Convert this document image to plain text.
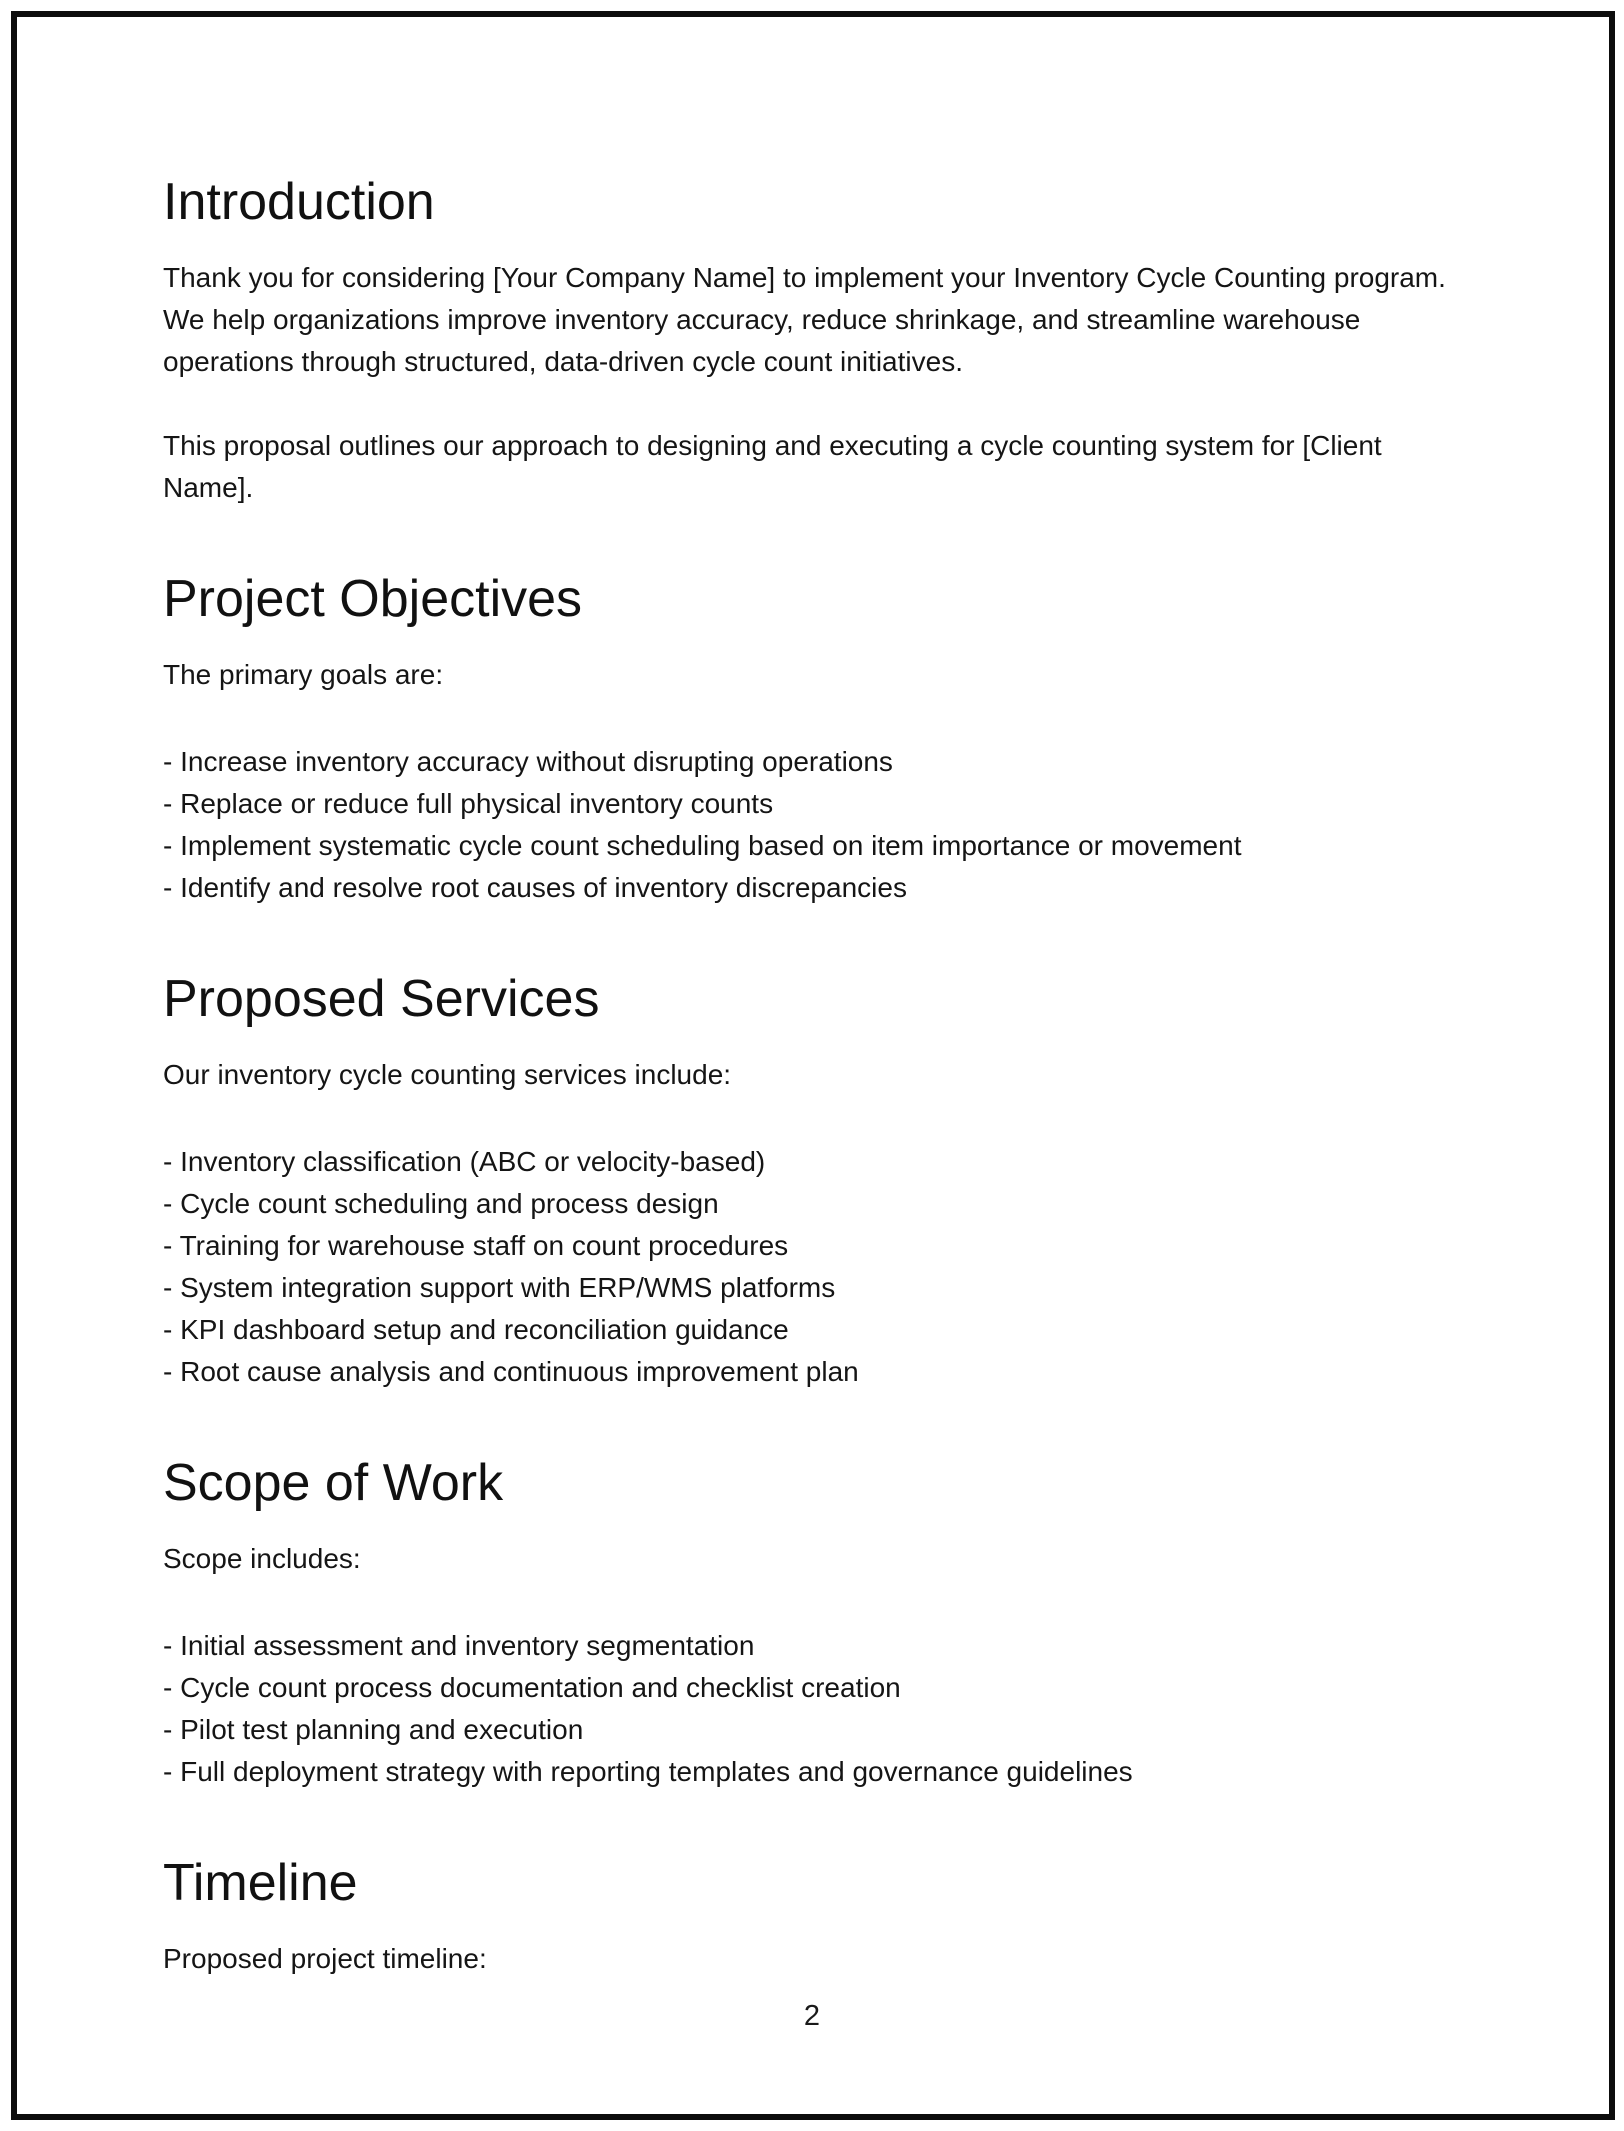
Introduction
Thank you for considering [Your Company Name] to implement your Inventory Cycle Counting program.
We help organizations improve inventory accuracy, reduce shrinkage, and streamline warehouse
operations through structured, data-driven cycle count initiatives.
This proposal outlines our approach to designing and executing a cycle counting system for [Client
Name].
Project Objectives
The primary goals are:
- Increase inventory accuracy without disrupting operations
- Replace or reduce full physical inventory counts
- Implement systematic cycle count scheduling based on item importance or movement
- Identify and resolve root causes of inventory discrepancies
Proposed Services
Our inventory cycle counting services include:
- Inventory classification (ABC or velocity-based)
- Cycle count scheduling and process design
- Training for warehouse staff on count procedures
- System integration support with ERP/WMS platforms
- KPI dashboard setup and reconciliation guidance
- Root cause analysis and continuous improvement plan
Scope of Work
Scope includes:
- Initial assessment and inventory segmentation
- Cycle count process documentation and checklist creation
- Pilot test planning and execution
- Full deployment strategy with reporting templates and governance guidelines
Timeline
Proposed project timeline:
2
